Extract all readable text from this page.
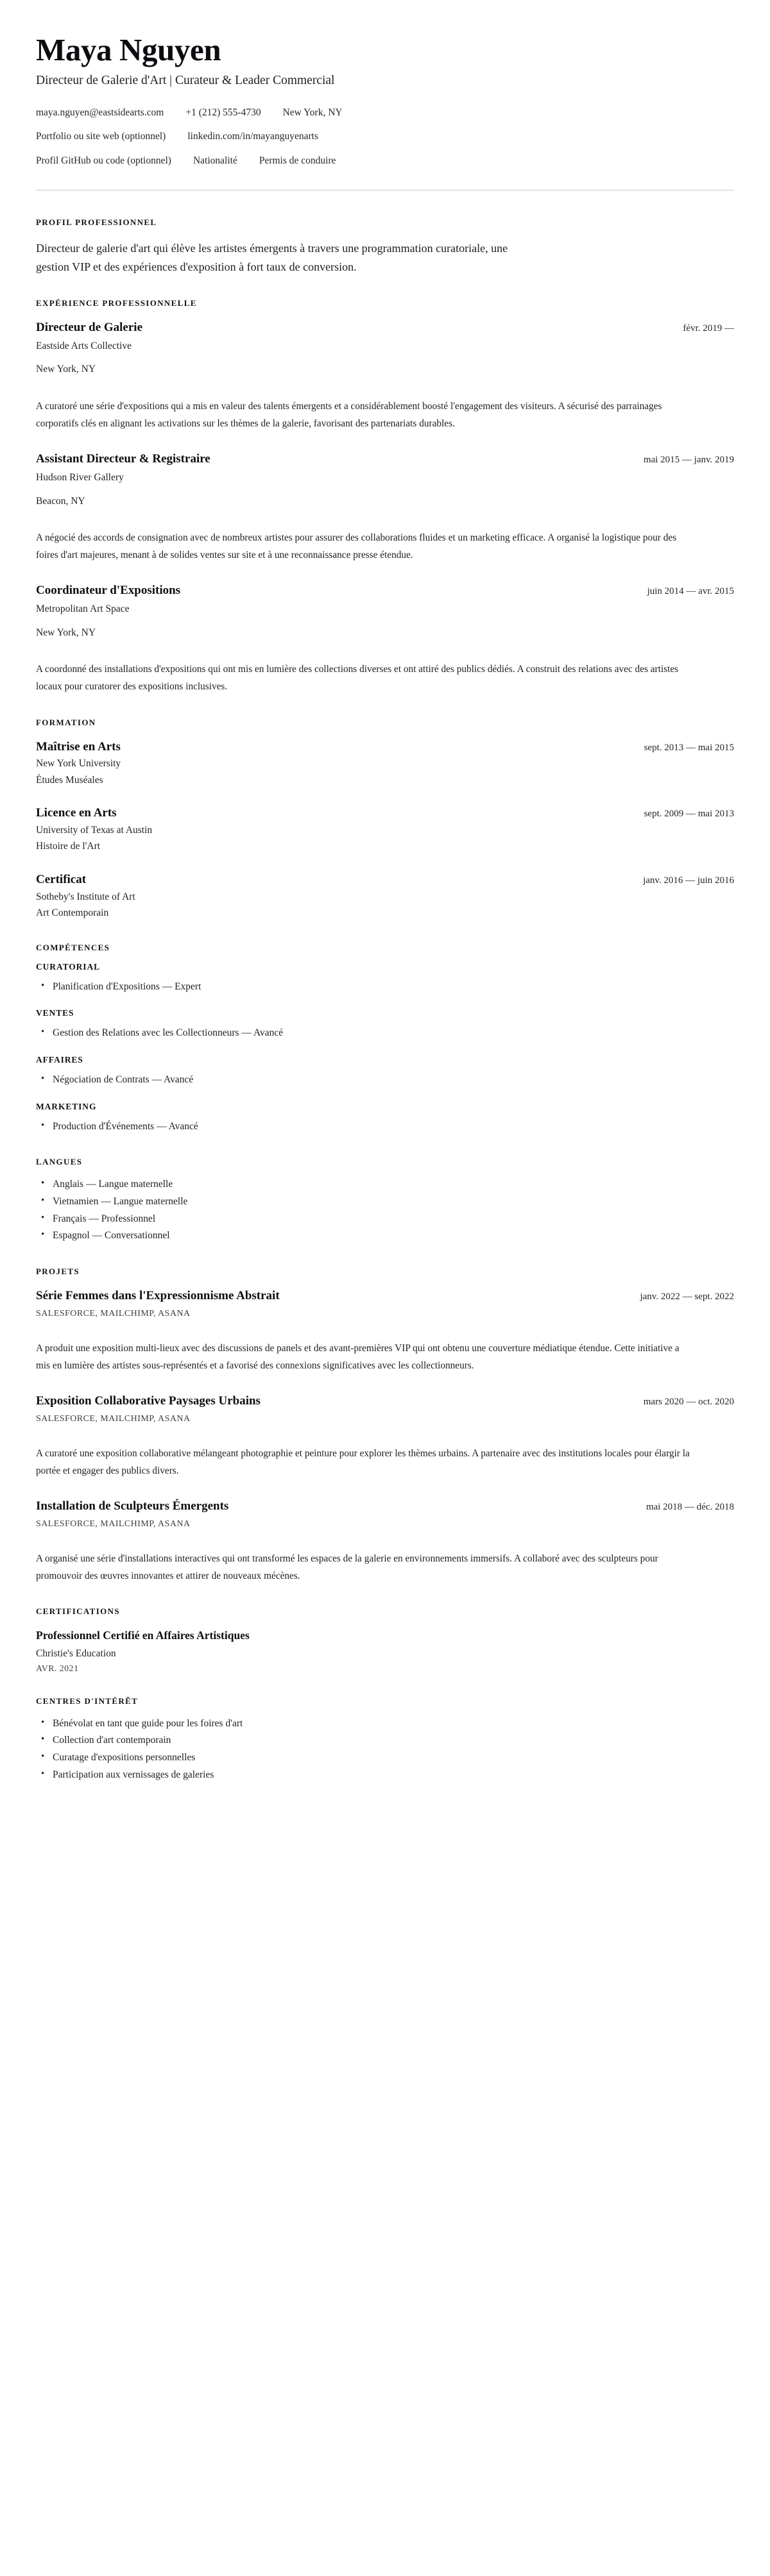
Maya Nguyen
Directeur de Galerie d'Art | Curateur & Leader Commercial
maya.nguyen@eastsidearts.com +1 (212) 555-4730 New York, NY
Portfolio ou site web (optionnel) linkedin.com/in/mayanguyenarts
Profil GitHub ou code (optionnel) Nationalité Permis de conduire
PROFIL PROFESSIONNEL

Directeur de galerie d'art qui élève les artistes émergents à travers une programmation curatoriale, une gestion VIP et des expériences d'exposition à fort taux de conversion.

EXPÉRIENCE PROFESSIONNELLE
Directeur de Galerie	févr. 2019 —
Eastside Arts Collective
New York, NY

A curatoré une série d'expositions qui a mis en valeur des talents émergents et a considérablement boosté l'engagement des visiteurs. A sécurisé des parrainages corporatifs clés en alignant les activations sur les thèmes de la galerie, favorisant des partenariats durables.

Assistant Directeur & Registraire	mai 2015 — janv. 2019
Hudson River Gallery
Beacon, NY

A négocié des accords de consignation avec de nombreux artistes pour assurer des collaborations fluides et un marketing efficace. A organisé la logistique pour des foires d'art majeures, menant à de solides ventes sur site et à une reconnaissance presse étendue.

Coordinateur d'Expositions	juin 2014 — avr. 2015
Metropolitan Art Space
New York, NY

A coordonné des installations d'expositions qui ont mis en lumière des collections diverses et ont attiré des publics dédiés. A construit des relations avec des artistes locaux pour curatorer des expositions inclusives.

FORMATION
Maîtrise en Arts	sept. 2013 — mai 2015
New York University
Études Muséales
Licence en Arts	sept. 2009 — mai 2013
University of Texas at Austin
Histoire de l'Art
Certificat	janv. 2016 — juin 2016
Sotheby's Institute of Art
Art Contemporain
COMPÉTENCES
CURATORIAL
• Planification d'Expositions — Expert
VENTES
• Gestion des Relations avec les Collectionneurs — Avancé
AFFAIRES
• Négociation de Contrats — Avancé
MARKETING
• Production d'Événements — Avancé
LANGUES
• Anglais — Langue maternelle
• Vietnamien — Langue maternelle
• Français — Professionnel
• Espagnol — Conversationnel
PROJETS
Série Femmes dans l'Expressionnisme Abstrait	janv. 2022 — sept. 2022
SALESFORCE, MAILCHIMP, ASANA

A produit une exposition multi-lieux avec des discussions de panels et des avant-premières VIP qui ont obtenu une couverture médiatique étendue. Cette initiative a mis en lumière des artistes sous-représentés et a favorisé des connexions significatives avec les collectionneurs.

Exposition Collaborative Paysages Urbains	mars 2020 — oct. 2020
SALESFORCE, MAILCHIMP, ASANA

A curatoré une exposition collaborative mélangeant photographie et peinture pour explorer les thèmes urbains. A partenaire avec des institutions locales pour élargir la portée et engager des publics divers.

Installation de Sculpteurs Émergents	mai 2018 — déc. 2018
SALESFORCE, MAILCHIMP, ASANA

A organisé une série d'installations interactives qui ont transformé les espaces de la galerie en environnements immersifs. A collaboré avec des sculpteurs pour promouvoir des œuvres innovantes et attirer de nouveaux mécènes.

CERTIFICATIONS
Professionnel Certifié en Affaires Artistiques
Christie's Education
AVR. 2021
CENTRES D'INTÉRÊT
• Bénévolat en tant que guide pour les foires d'art
• Collection d'art contemporain
• Curatage d'expositions personnelles
• Participation aux vernissages de galeries
